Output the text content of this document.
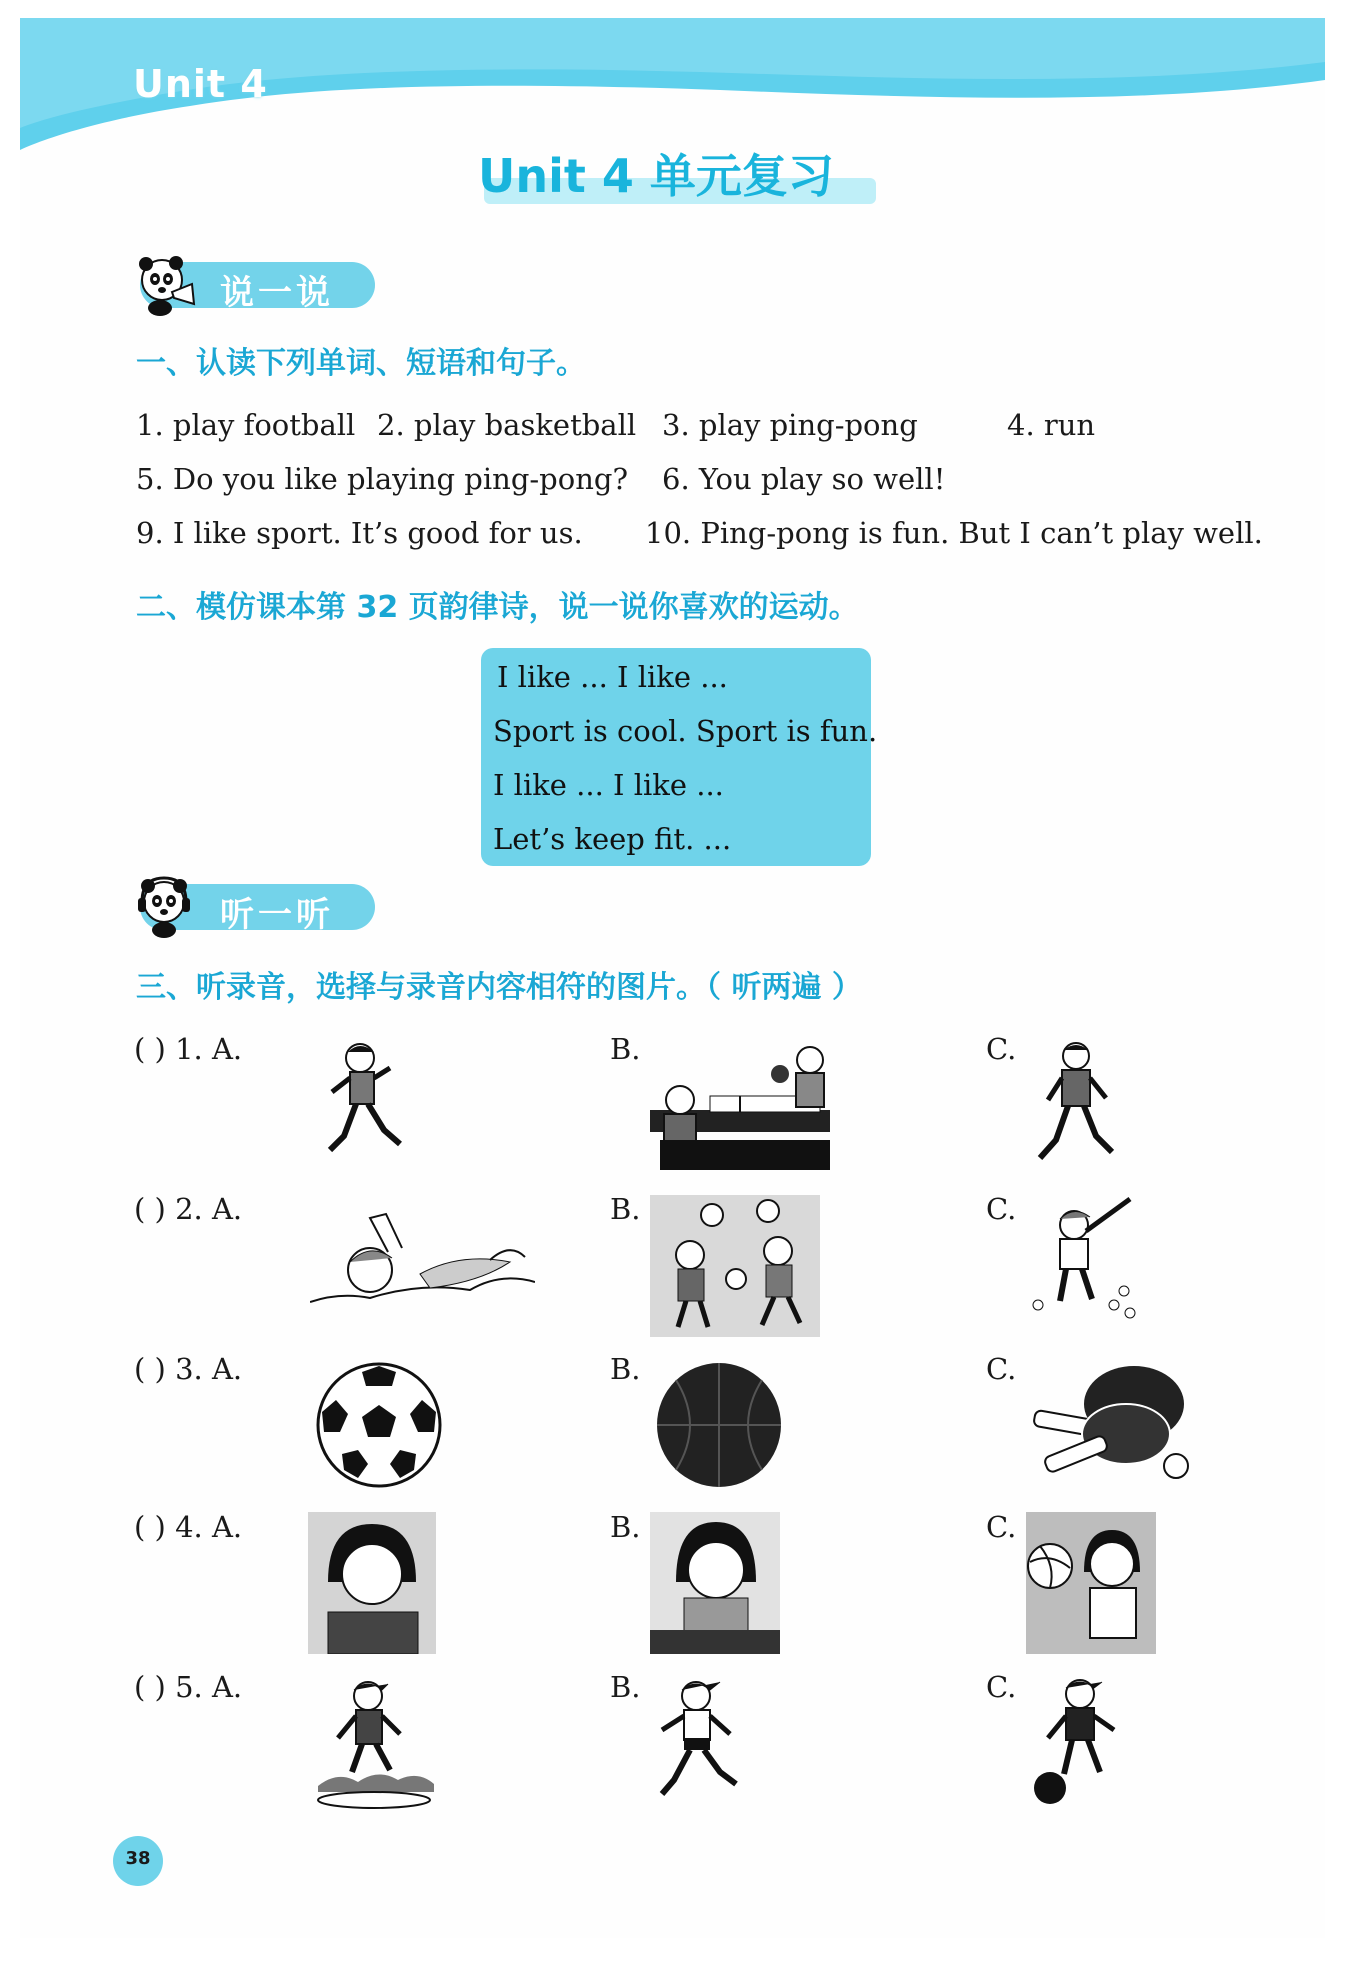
Unit 4
Unit 4 单元复习
说一说
一、认读下列单词、短语和句子。
1. play football 2. play basketball 3. play ping-pong	4. run
5. Do you like playing ping-pong? 6. You play so well!
9. I like sport. It’s good for us. 10. Ping-pong is fun. But I can’t play well.
二、模仿课本第 32 页韵律诗，说一说你喜欢的运动。
I like ... I like ...
Sport is cool. Sport is fun.
I like ... I like ...
Let’s keep fit. ...
听一听
三、听录音，选择与录音内容相符的图片。（ 听两遍 ）
( ) 1. A.	B.	C.
( ) 2. A.	B.	C.
( ) 3. A.	B.	C.
( ) 4. A.	B.	C.
( ) 5. A.	B.	C.
38
